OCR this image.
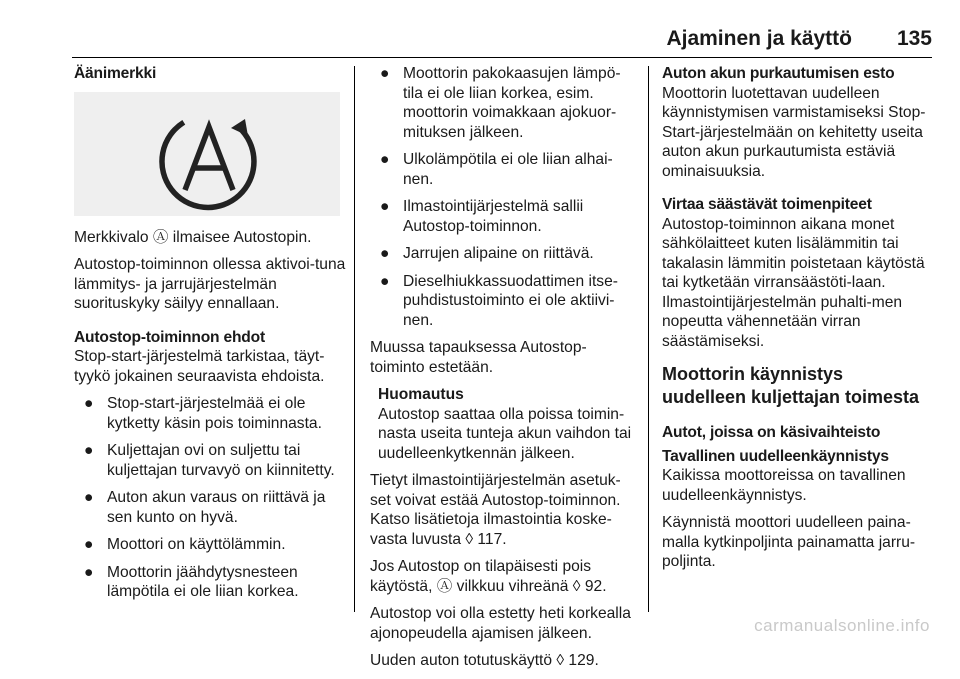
Ajaminen ja käyttö 135

Äänimerkki

Merkkivalo Ⓐ ilmaisee Autostopin.

Autostop-toiminnon ollessa aktivoi-tuna lämmitys- ja jarrujärjestelmän suorituskyky säilyy ennallaan.

Autostop-toiminnon ehdot

Stop-start-järjestelmä tarkistaa, täyt-tyykö jokainen seuraavista ehdoista.

● Stop-start-järjestelmää ei ole kytketty käsin pois toiminnasta.
● Kuljettajan ovi on suljettu tai kuljettajan turvavyö on kiinnitetty.
● Auton akun varaus on riittävä ja sen kunto on hyvä.
● Moottori on käyttölämmin.
● Moottorin jäähdytysnesteen lämpötila ei ole liian korkea.
● Moottorin pakokaasujen lämpö-tila ei ole liian korkea, esim. moottorin voimakkaan ajokuor-mituksen jälkeen.
● Ulkolämpötila ei ole liian alhai-nen.
● Ilmastointijärjestelmä sallii Autostop-toiminnon.
● Jarrujen alipaine on riittävä.
● Dieselhiukkassuodattimen itse-puhdistustoiminto ei ole aktiivi-nen.

Muussa tapauksessa Autostop-toiminto estetään.

Huomautus
Autostop saattaa olla poissa toimin-nasta useita tunteja akun vaihdon tai uudelleenkytkennän jälkeen.

Tietyt ilmastointijärjestelmän asetuk-set voivat estää Autostop-toiminnon. Katso lisätietoja ilmastointia koske-vasta luvusta ◊ 117.

Jos Autostop on tilapäisesti pois käytöstä, Ⓐ vilkkuu vihreänä ◊ 92.

Autostop voi olla estetty heti korkealla ajonopeudella ajamisen jälkeen.

Uuden auton totutuskäyttö ◊ 129.

Auton akun purkautumisen esto

Moottorin luotettavan uudelleen käynnistymisen varmistamiseksi Stop-Start-järjestelmään on kehitetty useita auton akun purkautumista estäviä ominaisuuksia.

Virtaa säästävät toimenpiteet

Autostop-toiminnon aikana monet sähkölaitteet kuten lisälämmitin tai takalasin lämmitin poistetaan käytöstä tai kytketään virransäästöti-laan. Ilmastointijärjestelmän puhalti-men nopeutta vähennetään virran säästämiseksi.

Moottorin käynnistys uudelleen kuljettajan toimesta

Autot, joissa on käsivaihteisto

Tavallinen uudelleenkäynnistys

Kaikissa moottoreissa on tavallinen uudelleenkäynnistys.

Käynnistä moottori uudelleen paina-malla kytkinpoljinta painamatta jarru-poljinta.

carmanualsonline.info
